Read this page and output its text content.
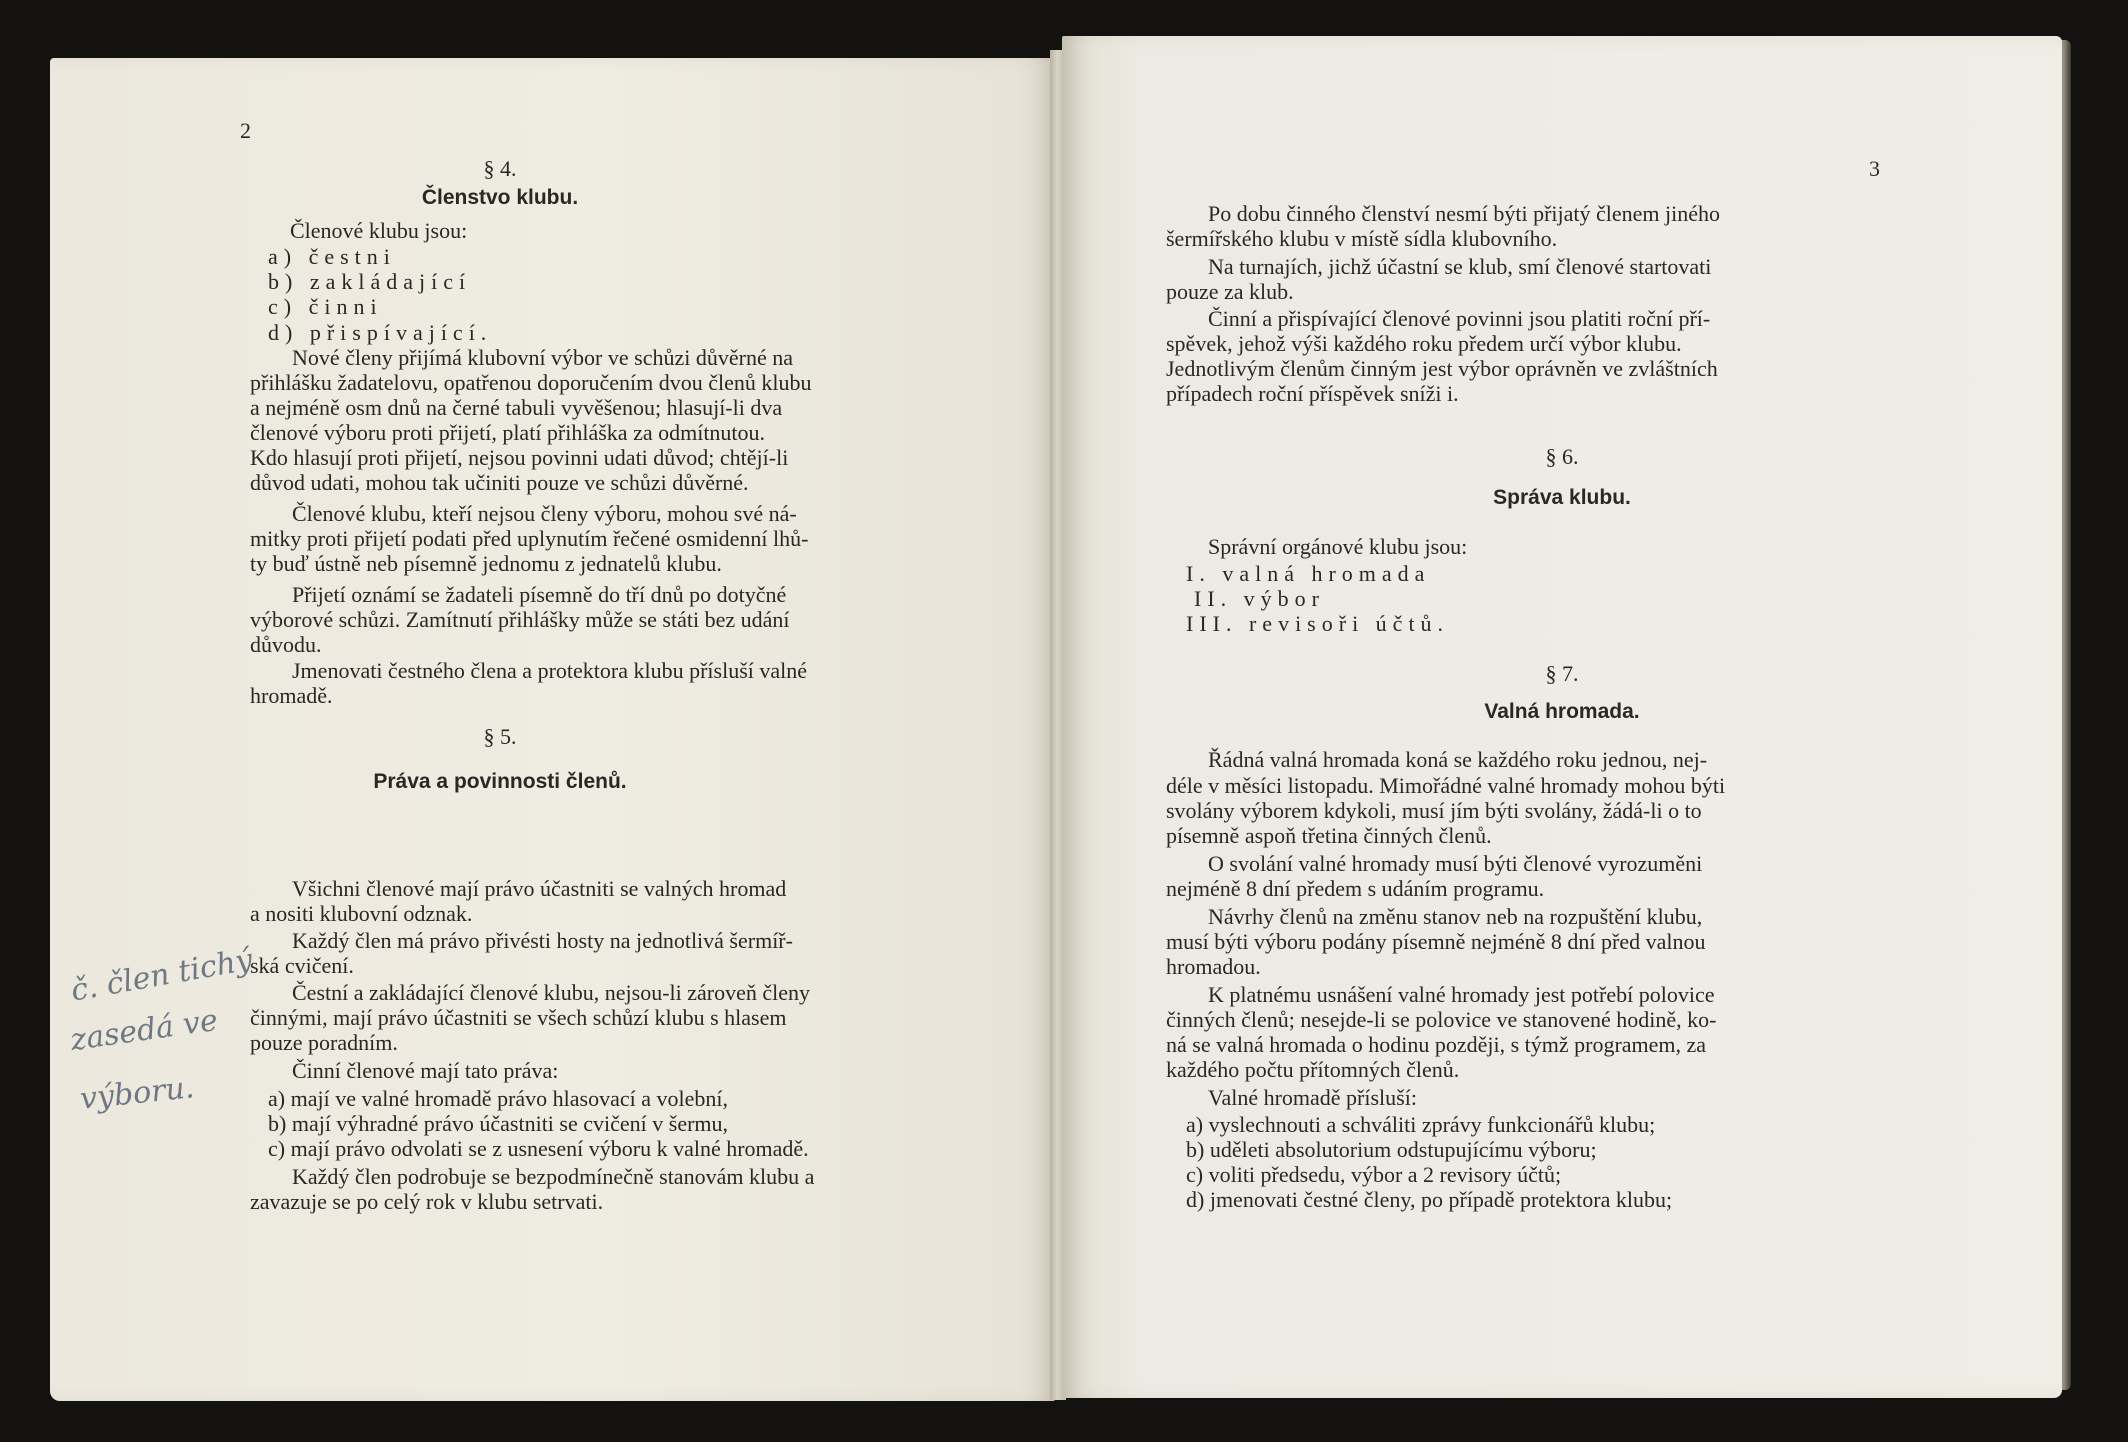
2
§ 4.
Členstvo klubu.
Členové klubu jsou:
a) čestni
b) zakládající
c) činni
d) přispívající.
Nové členy přijímá klubovní výbor ve schůzi důvěrné na
přihlášku žadatelovu, opatřenou doporučením dvou členů klubu
a nejméně osm dnů na černé tabuli vyvěšenou; hlasují-li dva
členové výboru proti přijetí, platí přihláška za odmítnutou.
Kdo hlasují proti přijetí, nejsou povinni udati důvod; chtějí-li
důvod udati, mohou tak učiniti pouze ve schůzi důvěrné.
Členové klubu, kteří nejsou členy výboru, mohou své ná-
mitky proti přijetí podati před uplynutím řečené osmidenní lhů-
ty buď ústně neb písemně jednomu z jednatelů klubu.
Přijetí oznámí se žadateli písemně do tří dnů po dotyčné
výborové schůzi. Zamítnutí přihlášky může se státi bez udání
důvodu.
Jmenovati čestného člena a protektora klubu přísluší valné
hromadě.
§ 5.
Práva a povinnosti členů.
Všichni členové mají právo účastniti se valných hromad
a nositi klubovní odznak.
Každý člen má právo přivésti hosty na jednotlivá šermíř-
ská cvičení.
Čestní a zakládající členové klubu, nejsou-li zároveň členy
činnými, mají právo účastniti se všech schůzí klubu s hlasem
pouze poradním.
Činní členové mají tato práva:
a) mají ve valné hromadě právo hlasovací a volební,
b) mají výhradné právo účastniti se cvičení v šermu,
c) mají právo odvolati se z usnesení výboru k valné hromadě.
Každý člen podrobuje se bezpodmínečně stanovám klubu a
zavazuje se po celý rok v klubu setrvati.
č. člen tichý
zasedá ve
výboru.
3
Po dobu činného členství nesmí býti přijatý členem jiného
šermířského klubu v místě sídla klubovního.
Na turnajích, jichž účastní se klub, smí členové startovati
pouze za klub.
Činní a přispívající členové povinni jsou platiti roční pří-
spěvek, jehož výši každého roku předem určí výbor klubu.
Jednotlivým členům činným jest výbor oprávněn ve zvláštních
případech roční příspěvek sníži i.
§ 6.
Správa klubu.
Správní orgánové klubu jsou:
I. valná hromada
II. výbor
III. revisoři účtů.
§ 7.
Valná hromada.
Řádná valná hromada koná se každého roku jednou, nej-
déle v měsíci listopadu. Mimořádné valné hromady mohou býti
svolány výborem kdykoli, musí jím býti svolány, žádá-li o to
písemně aspoň třetina činných členů.
O svolání valné hromady musí býti členové vyrozuměni
nejméně 8 dní předem s udáním programu.
Návrhy členů na změnu stanov neb na rozpuštění klubu,
musí býti výboru podány písemně nejméně 8 dní před valnou
hromadou.
K platnému usnášení valné hromady jest potřebí polovice
činných členů; nesejde-li se polovice ve stanovené hodině, ko-
ná se valná hromada o hodinu později, s týmž programem, za
každého počtu přítomných členů.
Valné hromadě přísluší:
a) vyslechnouti a schváliti zprávy funkcionářů klubu;
b) uděleti absolutorium odstupujícímu výboru;
c) voliti předsedu, výbor a 2 revisory účtů;
d) jmenovati čestné členy, po případě protektora klubu;
